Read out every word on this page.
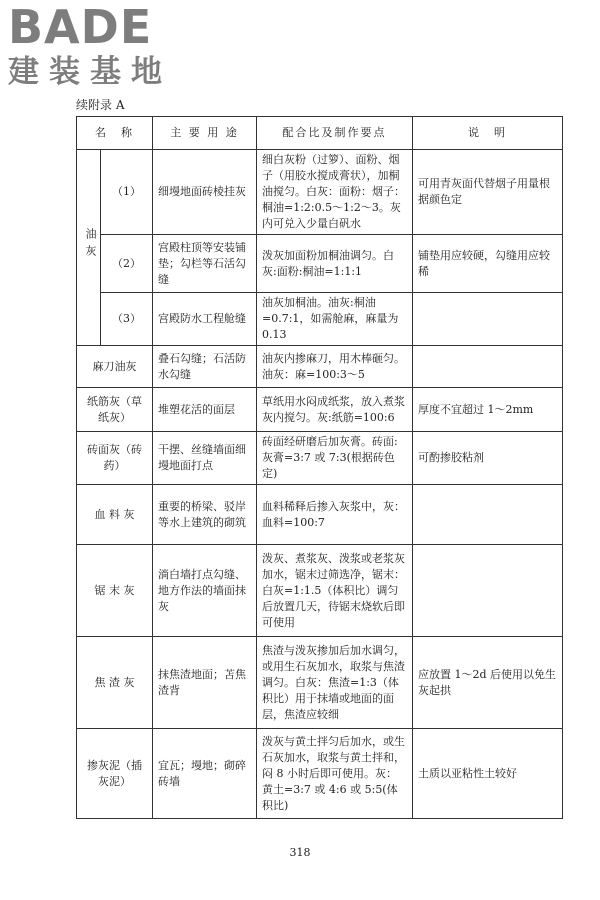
BADE
建装基地
续附录 A
名　称		主 要 用 途	配合比及制作要点	说　明
油灰	（1）	细墁地面砖棱挂灰	细白灰粉（过箩）、面粉、烟子（用胶水搅成膏状），加桐油搅匀。白灰：面粉：烟子：桐油=1:2:0.5～1:2～3。灰内可兑入少量白矾水	可用青灰面代替烟子用量根据颜色定
	（2）	宫殿柱顶等安装铺垫；勾栏等石活勾缝	泼灰加面粉加桐油调匀。白灰:面粉:桐油=1:1:1	铺垫用应较硬，勾缝用应较稀
	（3）	宫殿防水工程舱缝	油灰加桐油。油灰:桐油=0.7:1，如需舱麻，麻量为0.13	
麻刀油灰		叠石勾缝；石活防水勾缝	油灰内掺麻刀，用木棒砸匀。油灰：麻=100:3～5	
纸筋灰（草纸灰）		堆塑花活的面层	草纸用水闷成纸浆，放入煮浆灰内搅匀。灰:纸筋=100:6	厚度不宜超过 1～2mm
砖面灰（砖药）		干摆、丝缝墙面细墁地面打点	砖面经研磨后加灰膏。砖面:灰膏=3:7 或 7:3(根据砖色定)	可酌掺胶粘剂
血 料 灰		重要的桥梁、驳岸等水上建筑的砌筑	血料稀释后掺入灰浆中，灰：血料=100:7	
锯 末 灰		淌白墙打点勾缝、地方作法的墙面抹灰	泼灰、煮浆灰、泼浆或老浆灰加水，锯末过筛选净，锯末：白灰=1:1.5（体积比）调匀后放置几天，待锯末烧软后即可使用	
焦 渣 灰		抹焦渣地面；苫焦渣背	焦渣与泼灰掺加后加水调匀，或用生石灰加水，取浆与焦渣调匀。白灰：焦渣=1:3（体积比）用于抹墙或地面的面层，焦渣应较细	应放置 1～2d 后使用以免生灰起拱
掺灰泥（插灰泥）		宜瓦；墁地；砌碎砖墙	泼灰与黄土拌匀后加水，或生石灰加水，取浆与黄土拌和，闷 8 小时后即可使用。灰：黄土=3:7 或 4:6 或 5:5(体积比)	土质以亚粘性土较好
318
